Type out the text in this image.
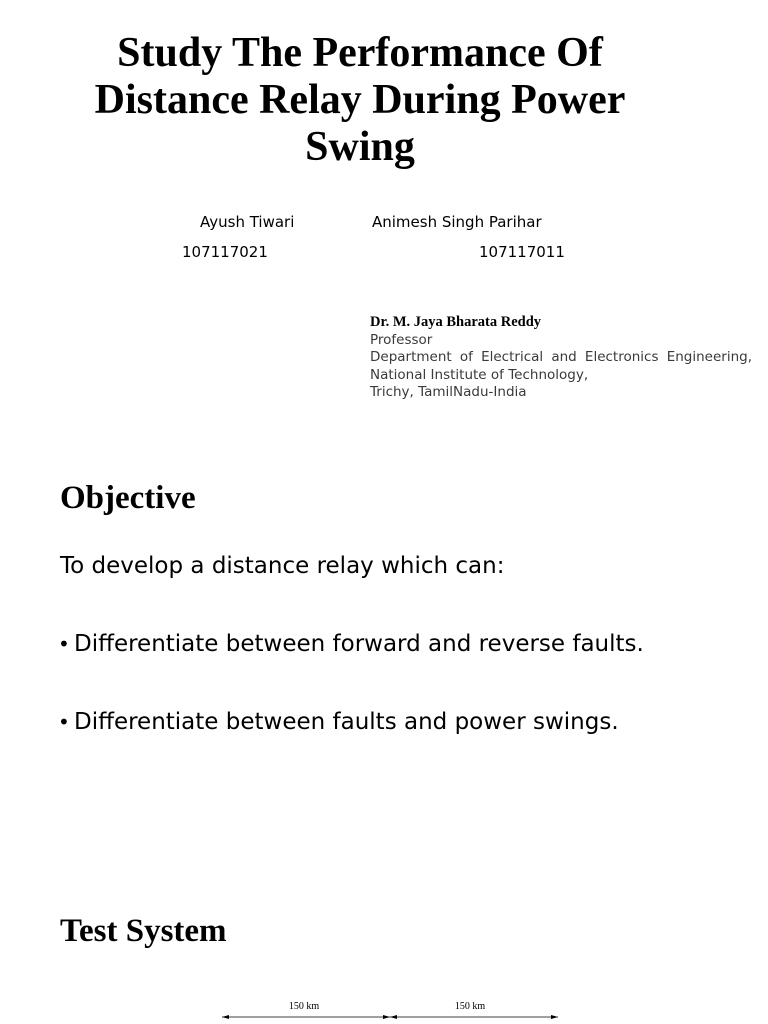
Study The Performance Of
Distance Relay During Power
Swing
Ayush Tiwari	Animesh Singh Parihar
107117021	107117011
Dr. M. Jaya Bharata Reddy
Professor
Department of Electrical and Electronics Engineering, National Institute of Technology,
Trichy, TamilNadu-India
Objective
To develop a distance relay which can:
• Differentiate between forward and reverse faults.
• Differentiate between faults and power swings.
Test System
150 km	150 km
